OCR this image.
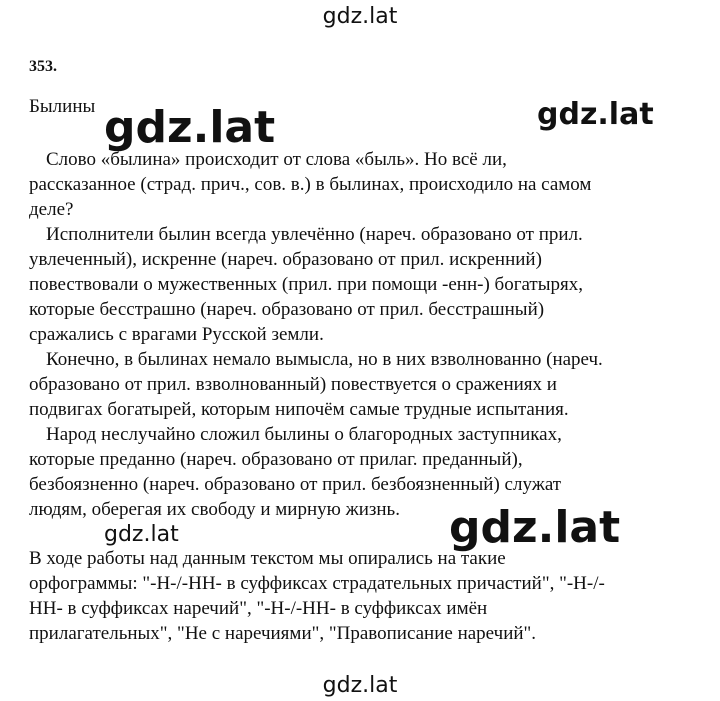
gdz.lat
353.
Былины
Слово «былина» происходит от слова «быль». Но всё ли,
рассказанное (страд. прич., сов. в.) в былинах, происходило на самом
деле?
Исполнители былин всегда увлечённо (нареч. образовано от прил.
увлеченный), искренне (нареч. образовано от прил. искренний)
повествовали о мужественных (прил. при помощи -енн-) богатырях,
которые бесстрашно (нареч. образовано от прил. бесстрашный)
сражались с врагами Русской земли.
Конечно, в былинах немало вымысла, но в них взволнованно (нареч.
образовано от прил. взволнованный) повествуется о сражениях и
подвигах богатырей, которым нипочём самые трудные испытания.
Народ неслучайно сложил былины о благородных заступниках,
которые преданно (нареч. образовано от прилаг. преданный),
безбоязненно (нареч. образовано от прил. безбоязненный) служат
людям, оберегая их свободу и мирную жизнь.
В ходе работы над данным текстом мы опирались на такие
орфограммы: "-Н-/-НН- в суффиксах страдательных причастий", "-Н-/-
НН- в суффиксах наречий", "-Н-/-НН- в суффиксах имён
прилагательных", "Не с наречиями", "Правописание наречий".
gdz.lat	gdz.lat
gdz.lat	gdz.lat
gdz.lat
